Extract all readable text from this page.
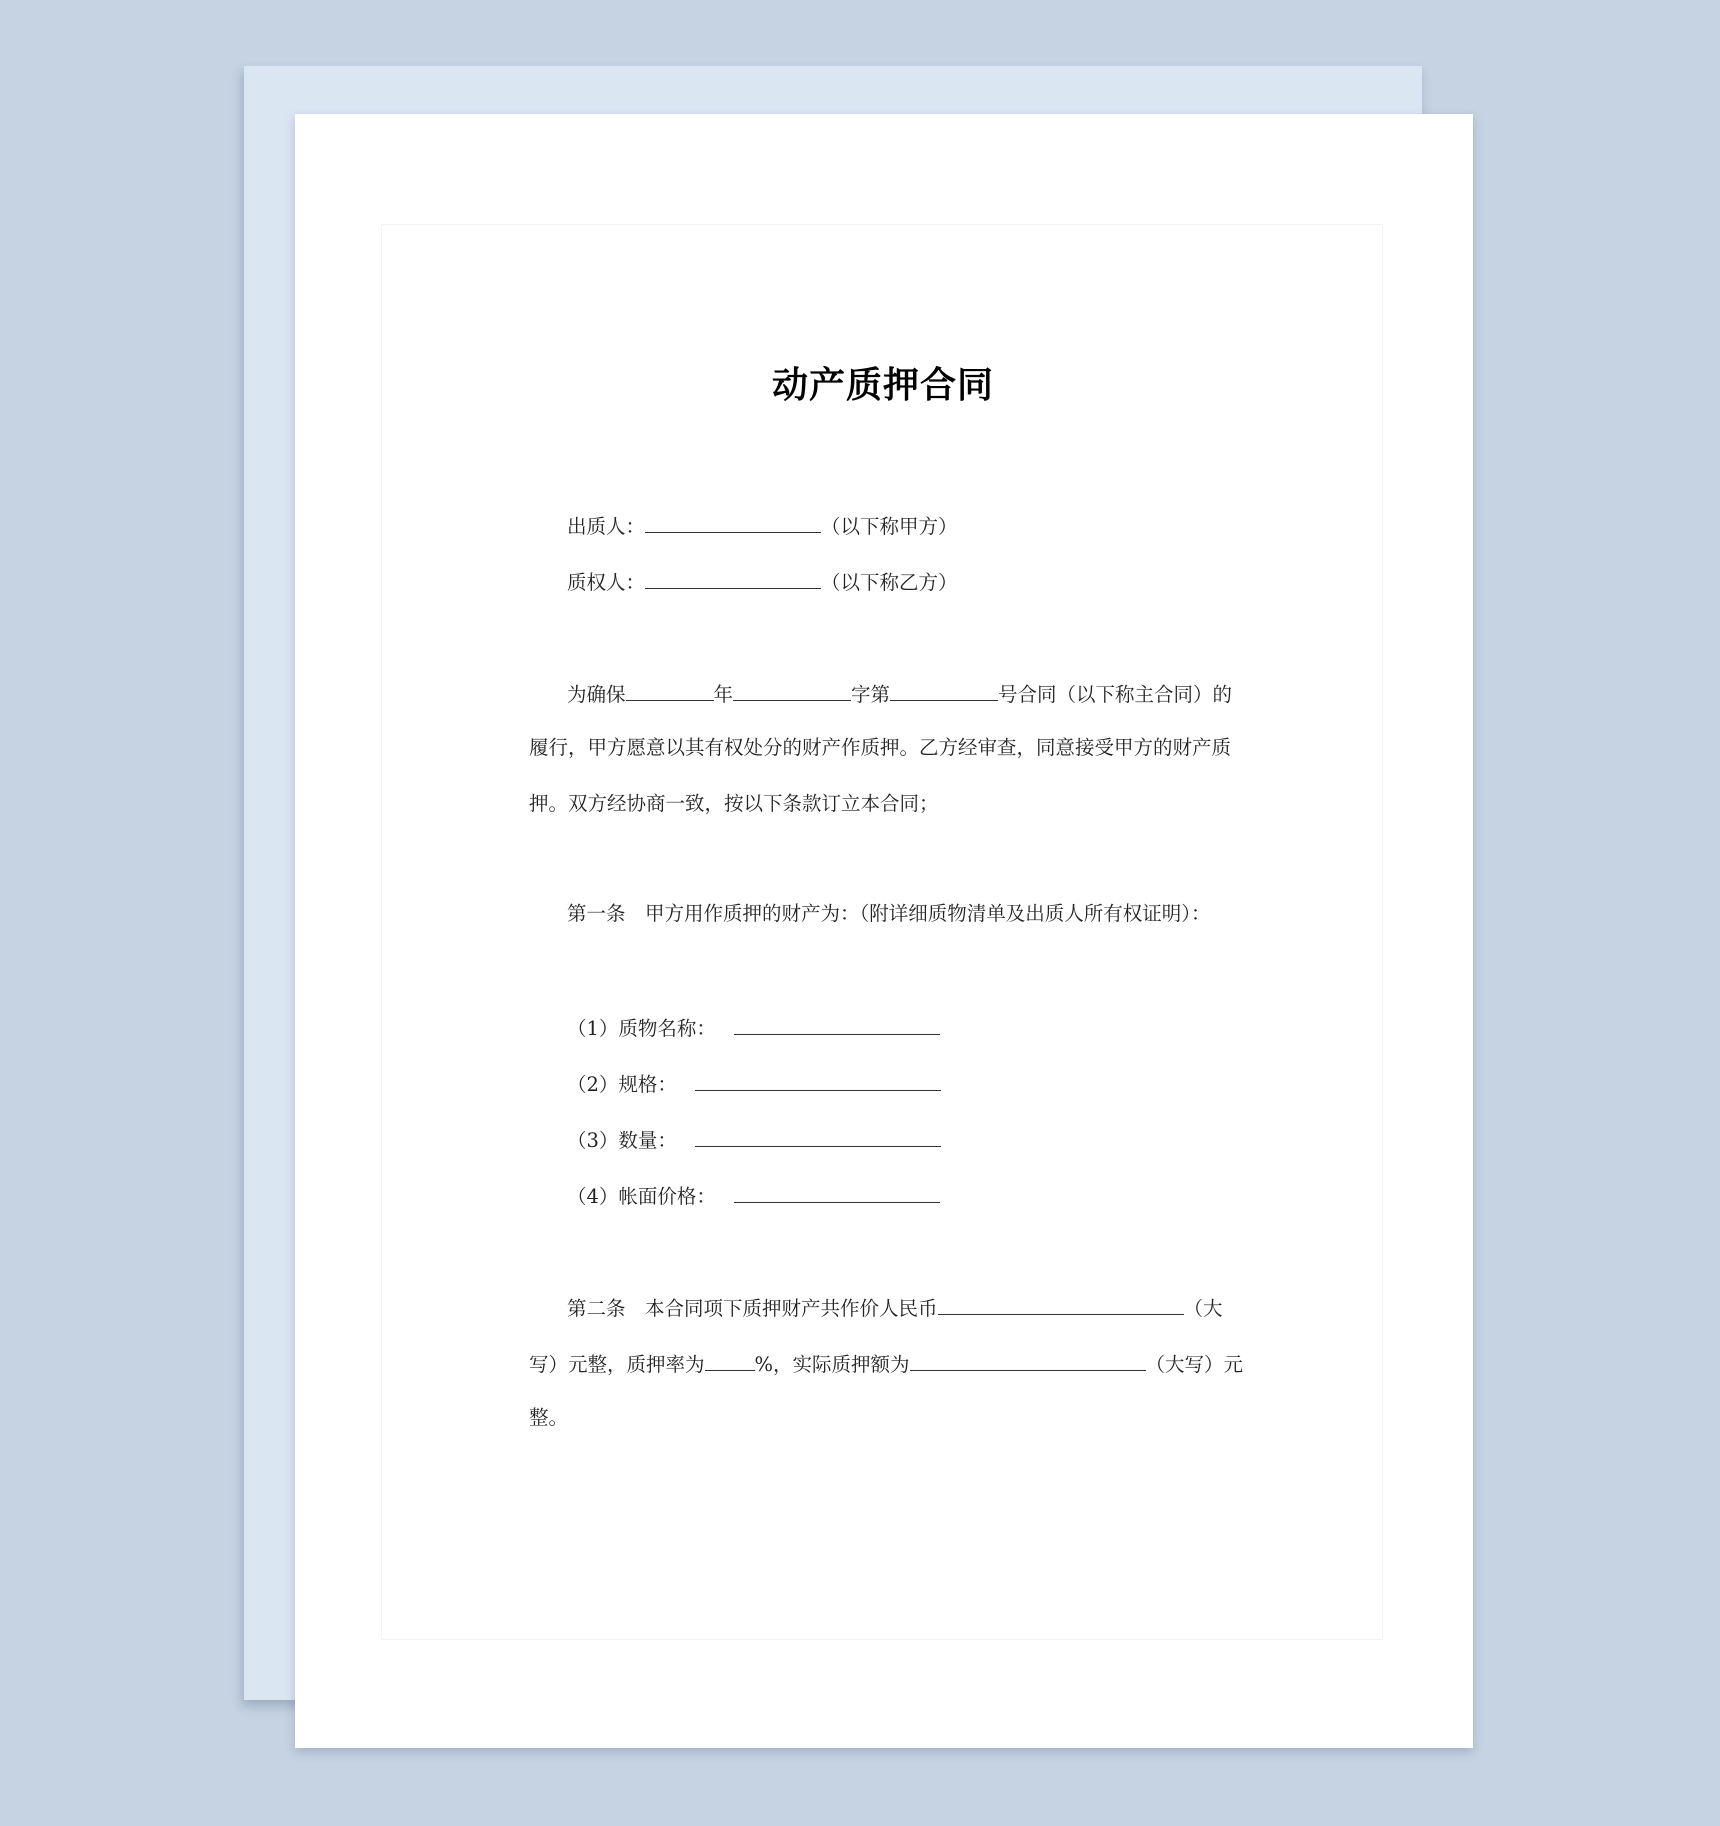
动产质押合同
出质人：	（以下称甲方）
质权人：	（以下称乙方）
为确保	年	字第	号合同（以下称主合同）的
履行，甲方愿意以其有权处分的财产作质押。乙方经审查，同意接受甲方的财产质
押。双方经协商一致，按以下条款订立本合同；
第一条　甲方用作质押的财产为：（附详细质物清单及出质人所有权证明）：
（1）质物名称：
（2）规格：
（3）数量：
（4）帐面价格：
第二条　本合同项下质押财产共作价人民币	（大
写）元整，质押率为	%，实际质押额为	（大写）元
整。
